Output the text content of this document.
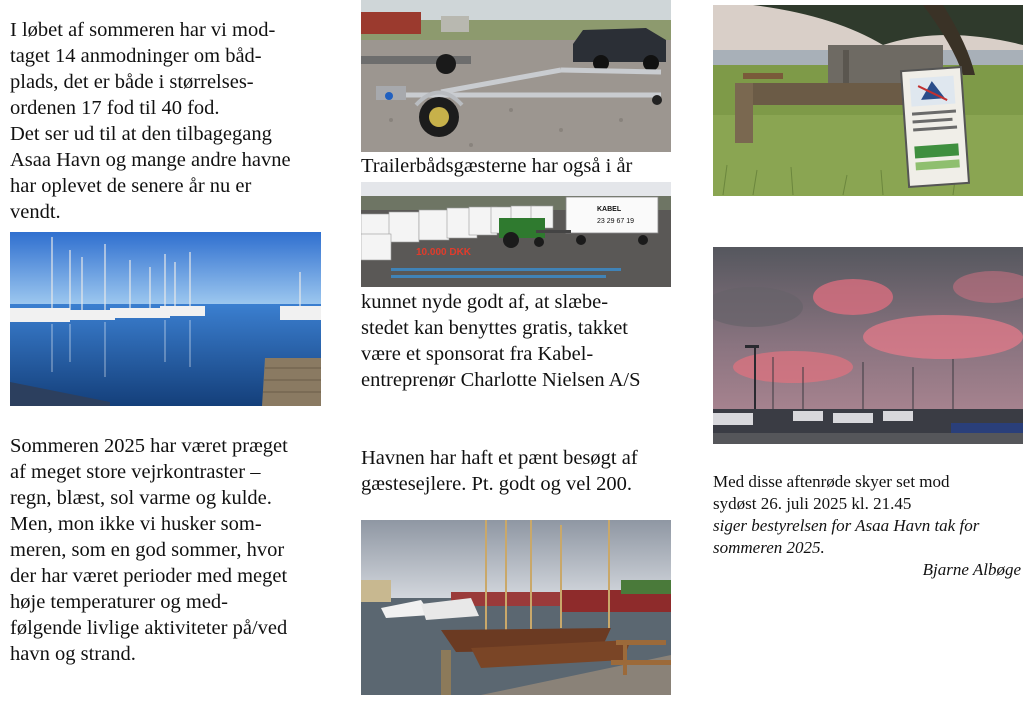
I løbet af sommeren har vi mod-
taget 14 anmodninger om båd-
plads, det er både i størrelses-
ordenen 17 fod til 40 fod.
Det ser ud til at den tilbagegang
Asaa Havn og mange andre havne
har oplevet de senere år nu er
vendt.
Sommeren 2025 har været præget
af meget store vejrkontraster –
regn, blæst, sol varme og kulde.
Men, mon ikke vi husker som-
meren, som en god sommer, hvor
der har været perioder med meget
høje temperaturer og med-
følgende livlige aktiviteter på/ved
havn og strand.
Trailerbådsgæsterne har også i år
KABEL
23 29 67 19
10.000 DKK
kunnet nyde godt af, at slæbe-
stedet kan benyttes gratis, takket
være et sponsorat fra Kabel-
entreprenør Charlotte Nielsen A/S
Havnen har haft et pænt besøgt af
gæstesejlere. Pt. godt og vel 200.	Med disse aftenrøde skyer set mod
sydøst 26. juli 2025 kl. 21.45
siger bestyrelsen for Asaa Havn tak for
sommeren 2025.
Bjarne Albøge
